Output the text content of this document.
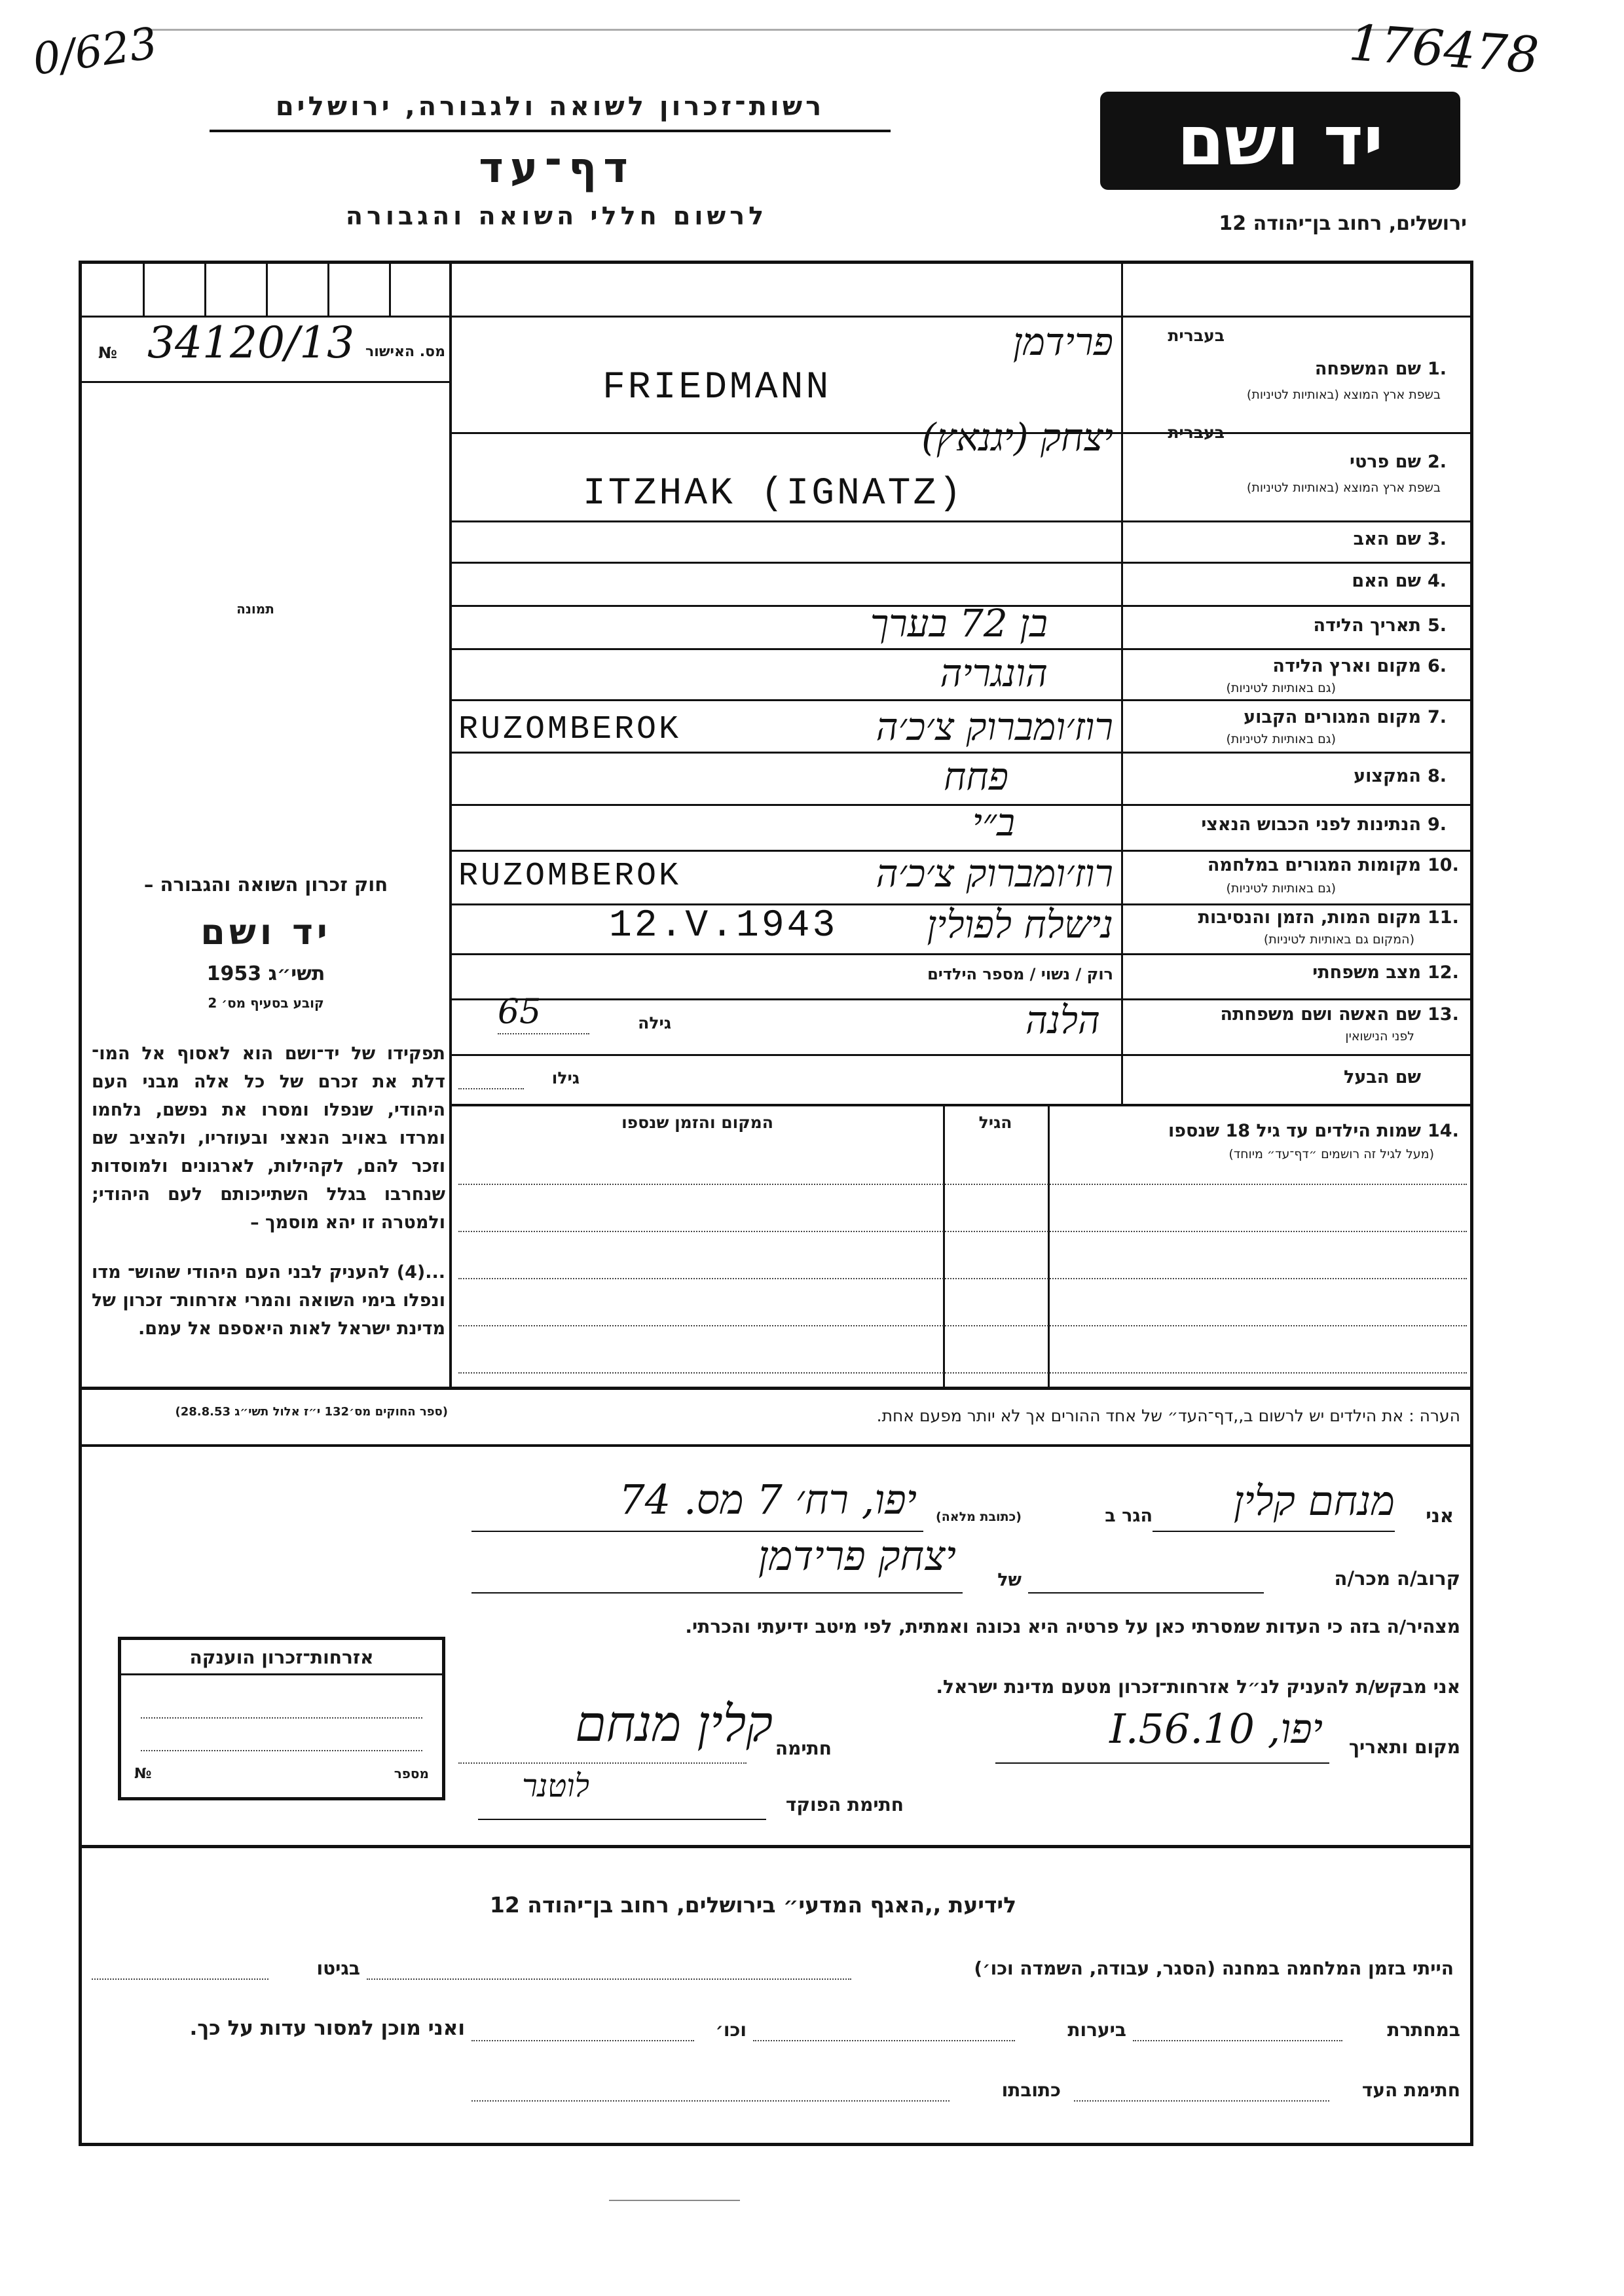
0/623	176478
רשות־זכרון לשואה ולגבורה, ירושלים
דף־עד
לרשום חללי השואה והגבורה
יד ושם
ירושלים, רחוב בן־יהודה 12
מס. האישור
№ 34120/13
תמונה
חוק זכרון השואה והגבורה –
יד ושם
תשי״ג 1953
קובע בסעיף מס׳ 2
תפקידו של יד־ושם הוא לאסוף אל המו־ דלת את זכרם של כל אלה מבני העם היהודי, שנפלו ומסרו את נפשם, נלחמו ומרדו באויב הנאצי ובעוזריו, ולהציב שם וזכר להם, לקהילות, לארגונים ולמוסדות שנחרבו בגלל השתייכותם לעם היהודי; ולמטרה זו יהא מוסמך –
...(4) להעניק לבני העם היהודי שהוש־ מדו ונפלו בימי השואה והמרי אזרחות־ זכרון של מדינת ישראל לאות היאספם אל עמם.
(ספר החוקים מס׳132 י״ז אלול תשי״ג 28.8.53)
בעברית
שם המשפחה 1.
בשפת ארץ המוצא (באותיות לטיניות)
פרידמן
FRIEDMANN
בעברית
שם פרטי 2.
בשפת ארץ המוצא (באותיות לטיניות)
יצחק (יגנאץ)
ITZHAK (IGNATZ)
שם האב 3.
שם האם 4.
תאריך הלידה 5.
בן 72 בערך
מקום וארץ הלידה 6.
(גם באותיות לטיניות)
הונגריה
מקום המגורים הקבוע 7.
(גם באותיות לטיניות)
רוז׳ומברוק צ׳כ׳ה
RUZOMBEROK
המקצוע 8.
פחח
הנתינות לפני הכבוש הנאצי 9.
ב״י
מקומות המגורים במלחמה 10.
(גם באותיות לטיניות)
רוז׳ומברוק צ׳כ׳ה
RUZOMBEROK
מקום המות, הזמן והנסיבות 11.
(המקום גם באותיות לטיניות)
נישלח לפולין
12.V.1943
מצב משפחתי 12.
רוק / נשוי / מספר הילדים
שם האשה ושם משפחתה 13.
לפני הנישואין
הלנה
גילה
65
שם הבעל
גילו
14.
שמות הילדים עד גיל 18 שנספו
(מעל לגיל זה רושמים ״דף־עד״ מיוחד)
הגיל
המקום והזמן שנספו
הערה : את הילדים יש לרשום ב,,דף־העד״ של אחד ההורים אך לא יותר מפעם אחת.
אני
מנחם קלין
הגר ב
(כתובת מלאה)
יפו, רח׳ 7 מס. 74
קרוב/ה מכר/ה
של
יצחק פרידמן
מצהיר/ה בזה כי העדות שמסרתי כאן על פרטיה היא נכונה ואמתית, לפי מיטב ידיעתי והכרתי.
אני מבקש/ת להעניק לנ״ל אזרחות־זכרון מטעם מדינת ישראל.
מקום ותאריך
יפו, 10.I.56
חתימה
קלין מנחם
חתימת הפוקד
לוטנר
אזרחות־זכרון הוענקה
מספר
№
לידיעת ,,האגף המדעי״ בירושלים, רחוב בן־יהודה 12
הייתי בזמן המלחמה במחנה (הסגר, עבודה, השמדה וכו׳)
בגיטו
במחתרת
ביערות
וכו׳
ואני מוכן למסור עדות על כך.
חתימת העד
כתובתו
